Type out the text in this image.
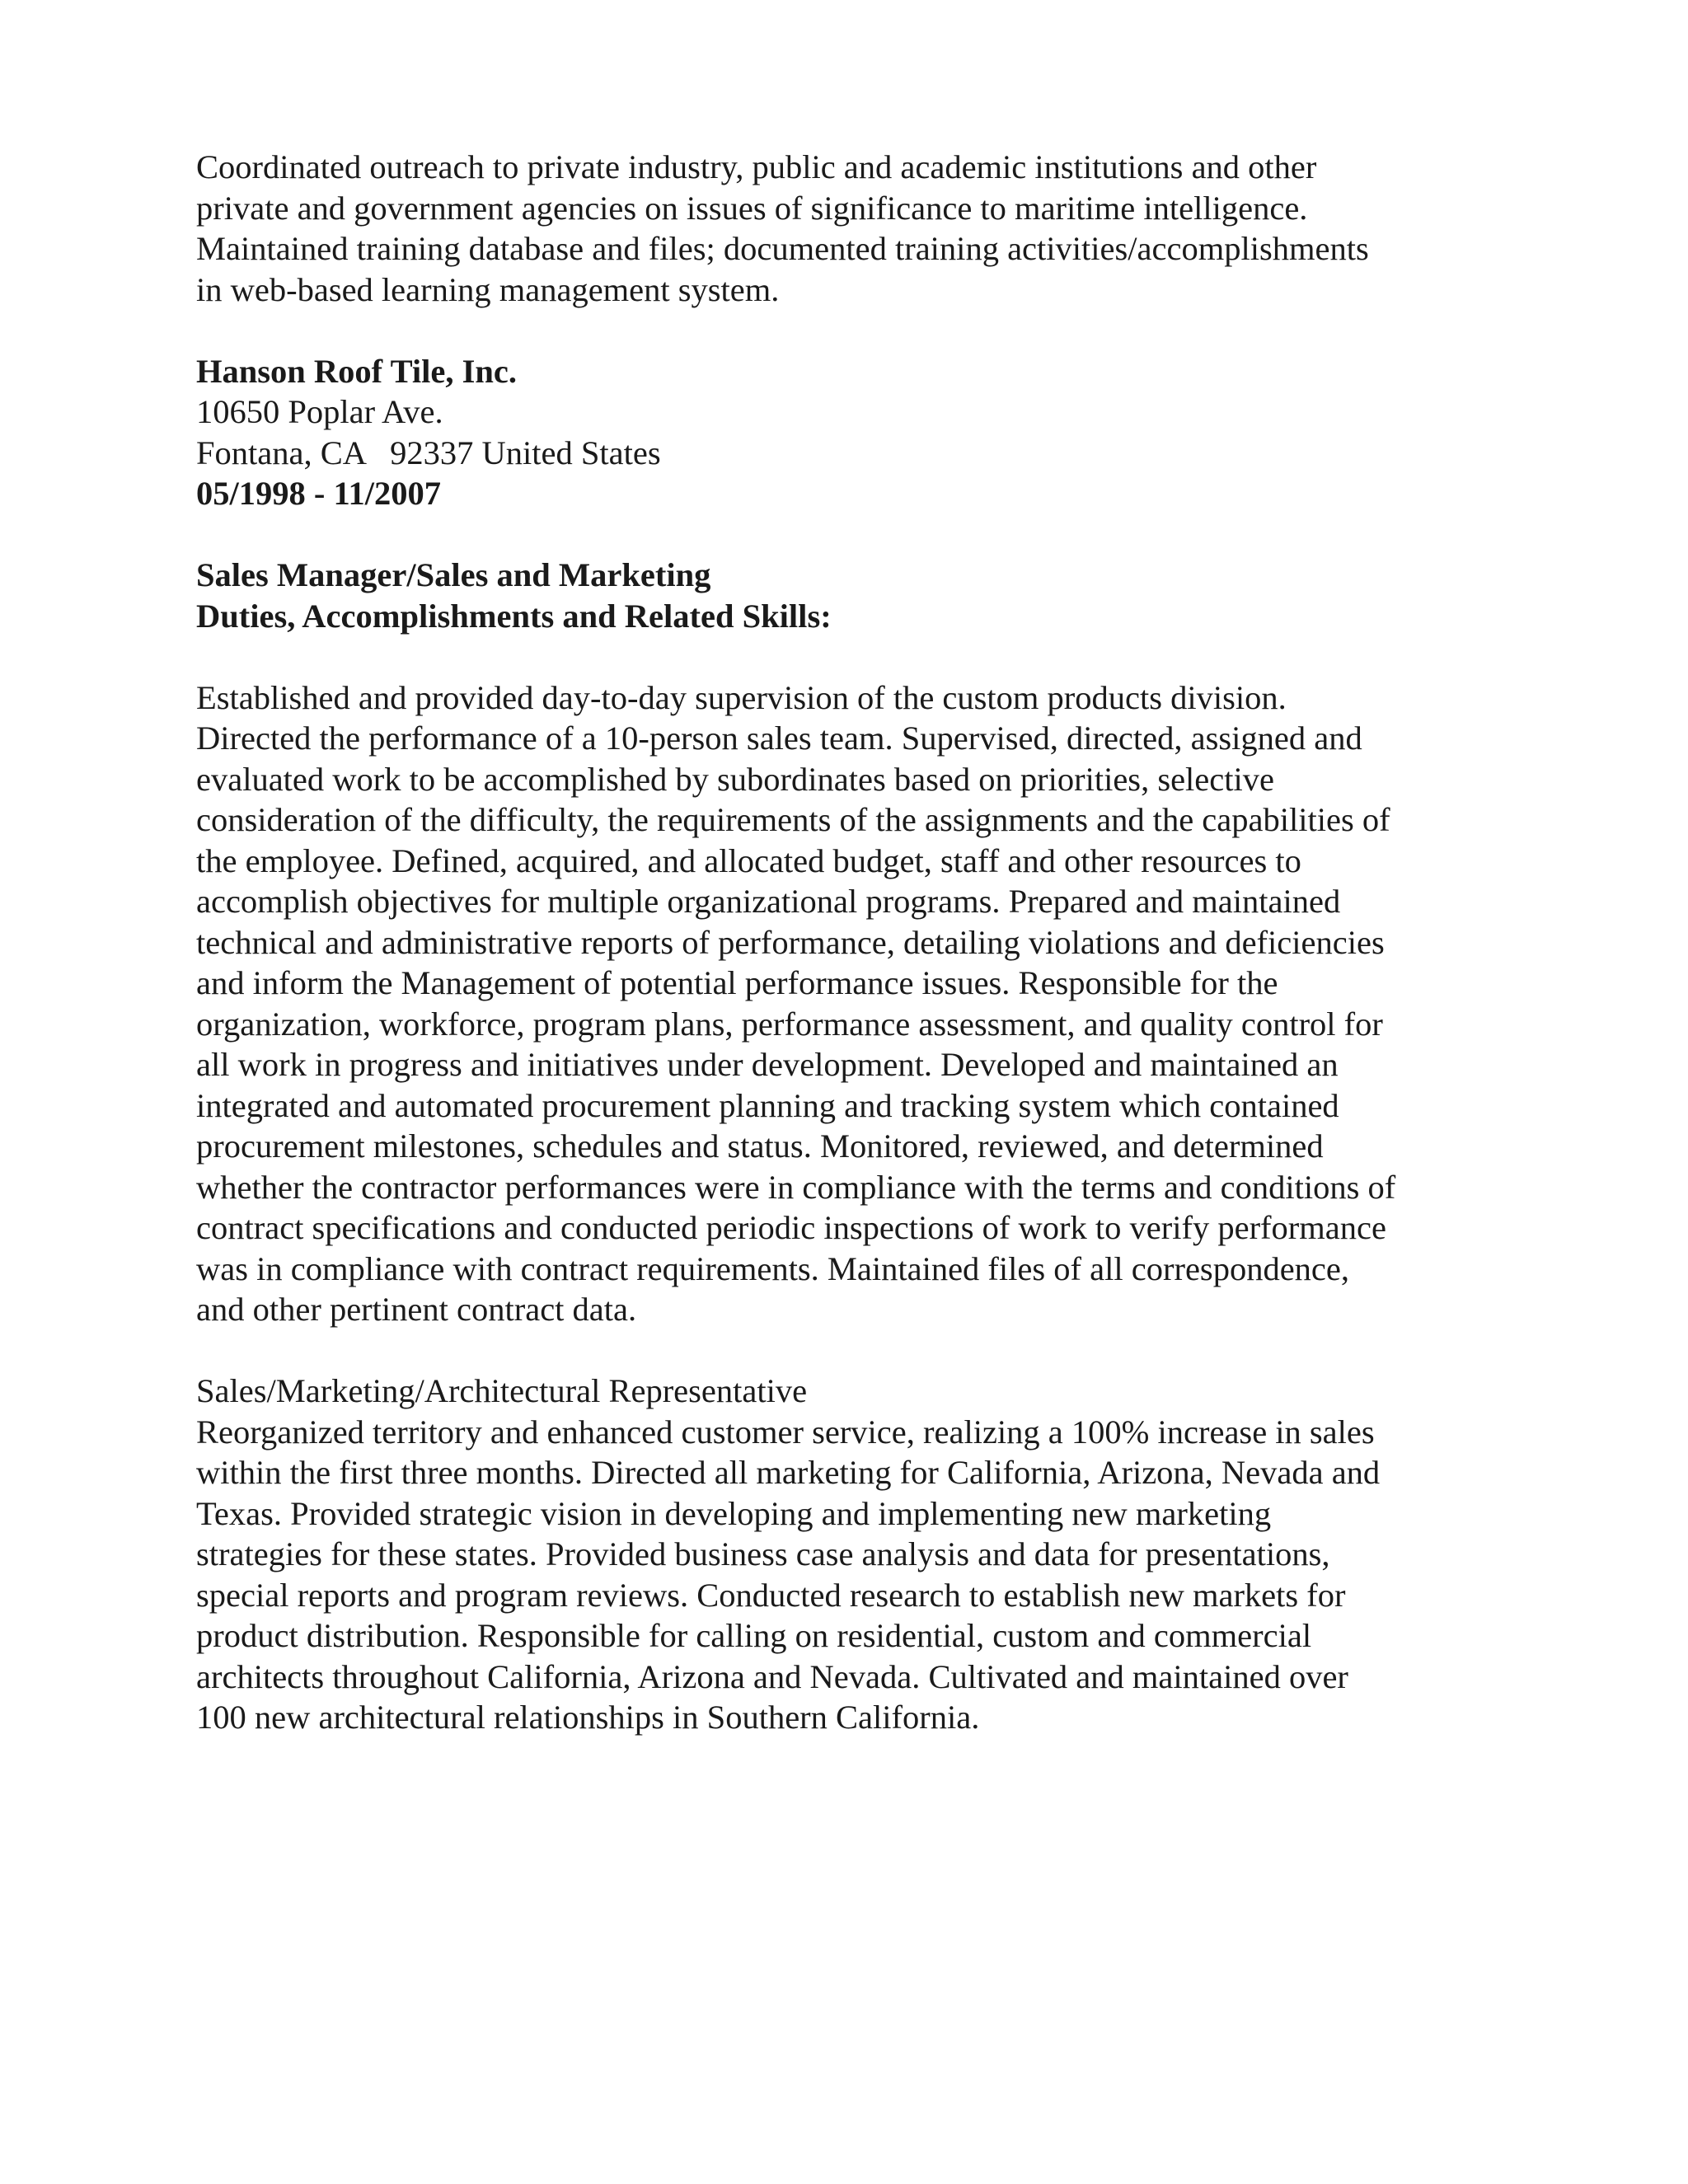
Coordinated outreach to private industry, public and academic institutions and other
private and government agencies on issues of significance to maritime intelligence.
Maintained training database and files; documented training activities/accomplishments
in web-based learning management system.
Hanson Roof Tile, Inc.
10650 Poplar Ave.
Fontana, CA   92337 United States
05/1998 - 11/2007
Sales Manager/Sales and Marketing
Duties, Accomplishments and Related Skills:
Established and provided day-to-day supervision of the custom products division.
Directed the performance of a 10-person sales team. Supervised, directed, assigned and
evaluated work to be accomplished by subordinates based on priorities, selective
consideration of the difficulty, the requirements of the assignments and the capabilities of
the employee. Defined, acquired, and allocated budget, staff and other resources to
accomplish objectives for multiple organizational programs. Prepared and maintained
technical and administrative reports of performance, detailing violations and deficiencies
and inform the Management of potential performance issues. Responsible for the
organization, workforce, program plans, performance assessment, and quality control for
all work in progress and initiatives under development. Developed and maintained an
integrated and automated procurement planning and tracking system which contained
procurement milestones, schedules and status. Monitored, reviewed, and determined
whether the contractor performances were in compliance with the terms and conditions of
contract specifications and conducted periodic inspections of work to verify performance
was in compliance with contract requirements. Maintained files of all correspondence,
and other pertinent contract data.
Sales/Marketing/Architectural Representative
Reorganized territory and enhanced customer service, realizing a 100% increase in sales
within the first three months. Directed all marketing for California, Arizona, Nevada and
Texas. Provided strategic vision in developing and implementing new marketing
strategies for these states. Provided business case analysis and data for presentations,
special reports and program reviews. Conducted research to establish new markets for
product distribution. Responsible for calling on residential, custom and commercial
architects throughout California, Arizona and Nevada. Cultivated and maintained over
100 new architectural relationships in Southern California.
